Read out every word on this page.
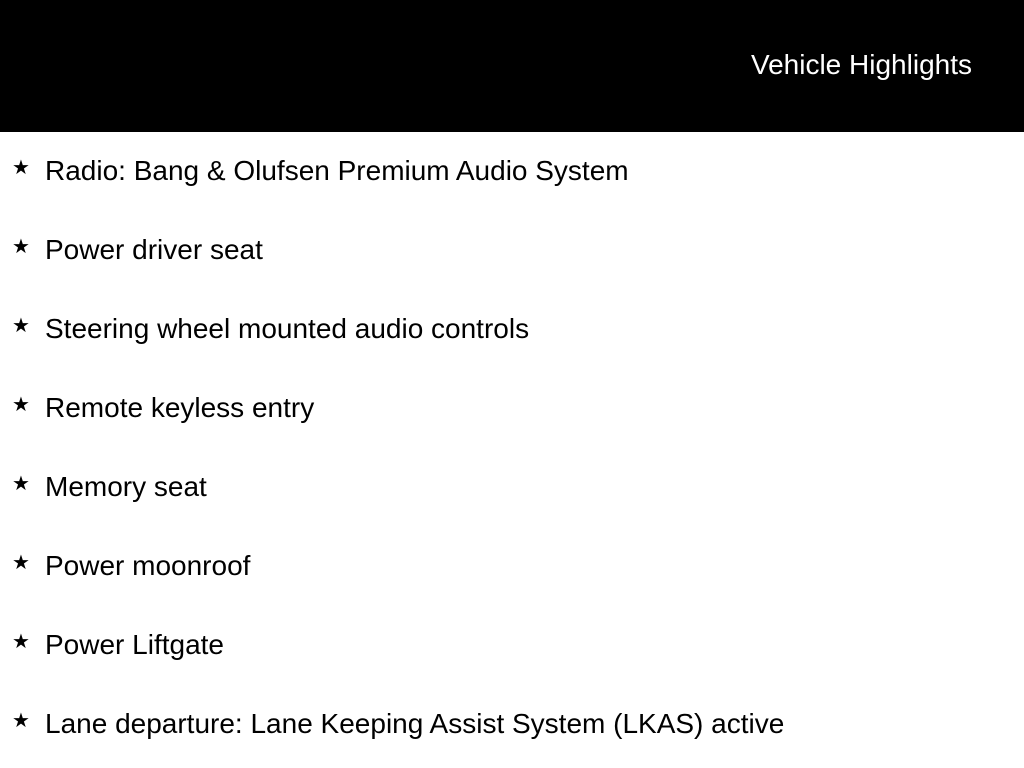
Vehicle Highlights
★ Radio: Bang & Olufsen Premium Audio System
★ Power driver seat
★ Steering wheel mounted audio controls
★ Remote keyless entry
★ Memory seat
★ Power moonroof
★ Power Liftgate
★ Lane departure: Lane Keeping Assist System (LKAS) active
